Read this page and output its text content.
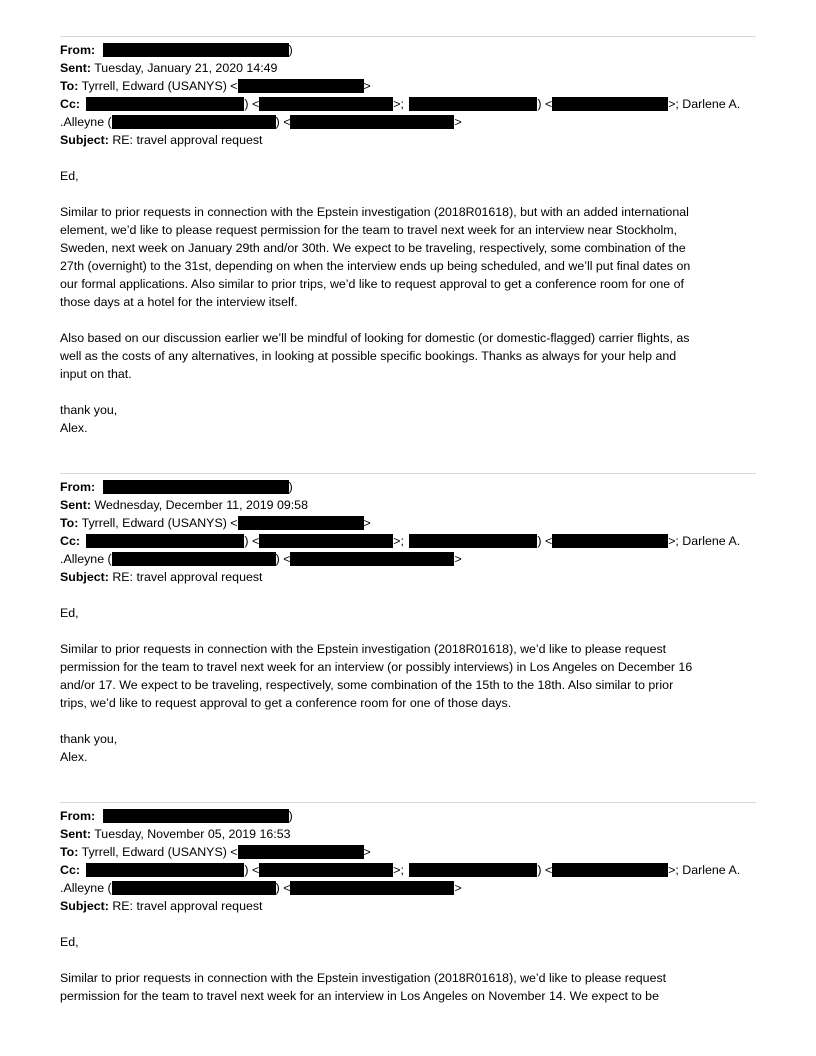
From:	)
Sent: Tuesday, January 21, 2020 14:49
To: Tyrrell, Edward (USANYS) <	>
Cc:	) <	>;	) <	>; Darlene A.
.Alleyne (	) <	>
Subject: RE: travel approval request
Ed,
Similar to prior requests in connection with the Epstein investigation (2018R01618), but with an added international
element, we’d like to please request permission for the team to travel next week for an interview near Stockholm,
Sweden, next week on January 29th and/or 30th. We expect to be traveling, respectively, some combination of the
27th (overnight) to the 31st, depending on when the interview ends up being scheduled, and we’ll put final dates on
our formal applications. Also similar to prior trips, we’d like to request approval to get a conference room for one of
those days at a hotel for the interview itself.
Also based on our discussion earlier we’ll be mindful of looking for domestic (or domestic-flagged) carrier flights, as
well as the costs of any alternatives, in looking at possible specific bookings. Thanks as always for your help and
input on that.
thank you,
Alex.
From:	)
Sent: Wednesday, December 11, 2019 09:58
To: Tyrrell, Edward (USANYS) <	>
Cc:	) <	>;	) <	>; Darlene A.
.Alleyne (	) <	>
Subject: RE: travel approval request
Ed,
Similar to prior requests in connection with the Epstein investigation (2018R01618), we’d like to please request
permission for the team to travel next week for an interview (or possibly interviews) in Los Angeles on December 16
and/or 17. We expect to be traveling, respectively, some combination of the 15th to the 18th. Also similar to prior
trips, we’d like to request approval to get a conference room for one of those days.
thank you,
Alex.
From:	)
Sent: Tuesday, November 05, 2019 16:53
To: Tyrrell, Edward (USANYS) <	>
Cc:	) <	>;	) <	>; Darlene A.
.Alleyne (	) <	>
Subject: RE: travel approval request
Ed,
Similar to prior requests in connection with the Epstein investigation (2018R01618), we’d like to please request
permission for the team to travel next week for an interview in Los Angeles on November 14. We expect to be
